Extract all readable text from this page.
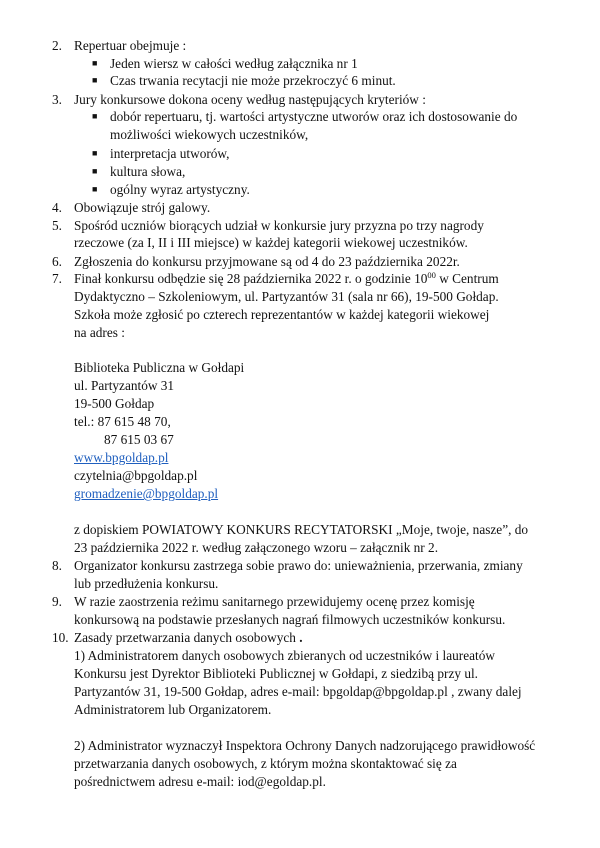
2. Repertuar obejmuje :
■ Jeden wiersz w całości według załącznika nr 1
■ Czas trwania recytacji nie może przekroczyć 6 minut.
3. Jury konkursowe dokona oceny według następujących kryteriów :
■ dobór repertuaru, tj. wartości artystyczne utworów oraz ich dostosowanie do
możliwości wiekowych uczestników,
■ interpretacja utworów,
■ kultura słowa,
■ ogólny wyraz artystyczny.
4. Obowiązuje strój galowy.
5. Spośród uczniów biorących udział w konkursie jury przyzna po trzy nagrody
rzeczowe (za I, II i III miejsce) w każdej kategorii wiekowej uczestników.
6. Zgłoszenia do konkursu przyjmowane są od 4 do 23 października 2022r.
7. Finał konkursu odbędzie się 28 października 2022 r. o godzinie $10^{00}$ w Centrum
Dydaktyczno – Szkoleniowym, ul. Partyzantów 31 (sala nr 66), 19-500 Gołdap.
Szkoła może zgłosić po czterech reprezentantów w każdej kategorii wiekowej
na adres :
Biblioteka Publiczna w Gołdapi
ul. Partyzantów 31
19-500 Gołdap
tel.: 87 615 48 70,
87 615 03 67
www.bpgoldap.pl
czytelnia@bpgoldap.pl
gromadzenie@bpgoldap.pl
z dopiskiem POWIATOWY KONKURS RECYTATORSKI „Moje, twoje, nasze”, do
23 października 2022 r. według załączonego wzoru – załącznik nr 2.
8. Organizator konkursu zastrzega sobie prawo do: unieważnienia, przerwania, zmiany
lub przedłużenia konkursu.
9. W razie zaostrzenia reżimu sanitarnego przewidujemy ocenę przez komisję
konkursową na podstawie przesłanych nagrań filmowych uczestników konkursu.
10. Zasady przetwarzania danych osobowych .
1) Administratorem danych osobowych zbieranych od uczestników i laureatów
Konkursu jest Dyrektor Biblioteki Publicznej w Gołdapi, z siedzibą przy ul.
Partyzantów 31, 19-500 Gołdap, adres e-mail: bpgoldap@bpgoldap.pl , zwany dalej
Administratorem lub Organizatorem.
2) Administrator wyznaczył Inspektora Ochrony Danych nadzorującego prawidłowość
przetwarzania danych osobowych, z którym można skontaktować się za
pośrednictwem adresu e-mail: iod@egoldap.pl.
